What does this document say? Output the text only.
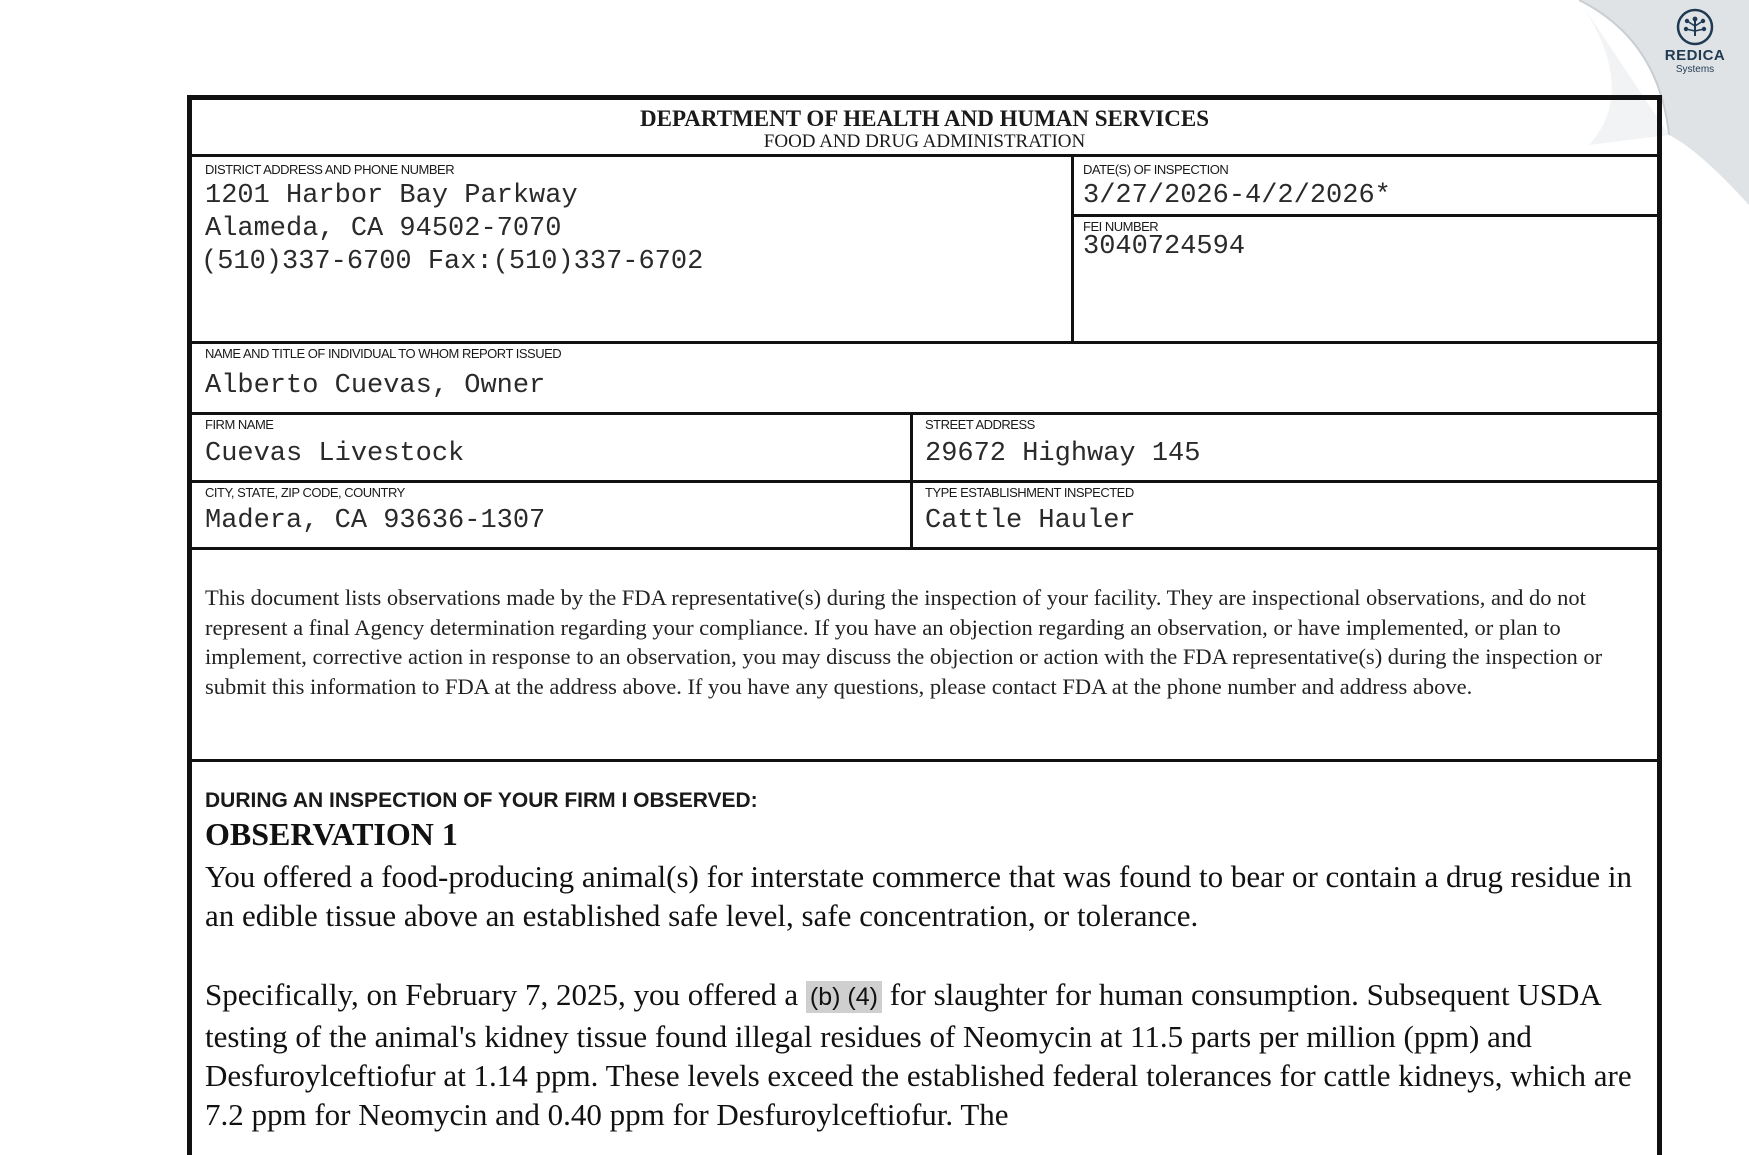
REDICA
Systems
DEPARTMENT OF HEALTH AND HUMAN SERVICES
FOOD AND DRUG ADMINISTRATION
DISTRICT ADDRESS AND PHONE NUMBER
1201 Harbor Bay Parkway
Alameda, CA 94502-7070
(510)337-6700 Fax:(510)337-6702
DATE(S) OF INSPECTION
3/27/2026-4/2/2026*
FEI NUMBER
3040724594
NAME AND TITLE OF INDIVIDUAL TO WHOM REPORT ISSUED
Alberto Cuevas, Owner
FIRM NAME
Cuevas Livestock
STREET ADDRESS
29672 Highway 145
CITY, STATE, ZIP CODE, COUNTRY
Madera, CA 93636-1307
TYPE ESTABLISHMENT INSPECTED
Cattle Hauler
This document lists observations made by the FDA representative(s) during the inspection of your facility. They are inspectional observations, and do not represent a final Agency determination regarding your compliance. If you have an objection regarding an observation, or have implemented, or plan to implement, corrective action in response to an observation, you may discuss the objection or action with the FDA representative(s) during the inspection or submit this information to FDA at the address above. If you have any questions, please contact FDA at the phone number and address above.
DURING AN INSPECTION OF YOUR FIRM I OBSERVED:
OBSERVATION 1
You offered a food-producing animal(s) for interstate commerce that was found to bear or contain a drug residue in an edible tissue above an established safe level, safe concentration, or tolerance.
Specifically, on February 7, 2025, you offered a (b) (4) for slaughter for human consumption. Subsequent USDA testing of the animal's kidney tissue found illegal residues of Neomycin at 11.5 parts per million (ppm) and Desfuroylceftiofur at 1.14 ppm. These levels exceed the established federal tolerances for cattle kidneys, which are 7.2 ppm for Neomycin and 0.40 ppm for Desfuroylceftiofur. The
